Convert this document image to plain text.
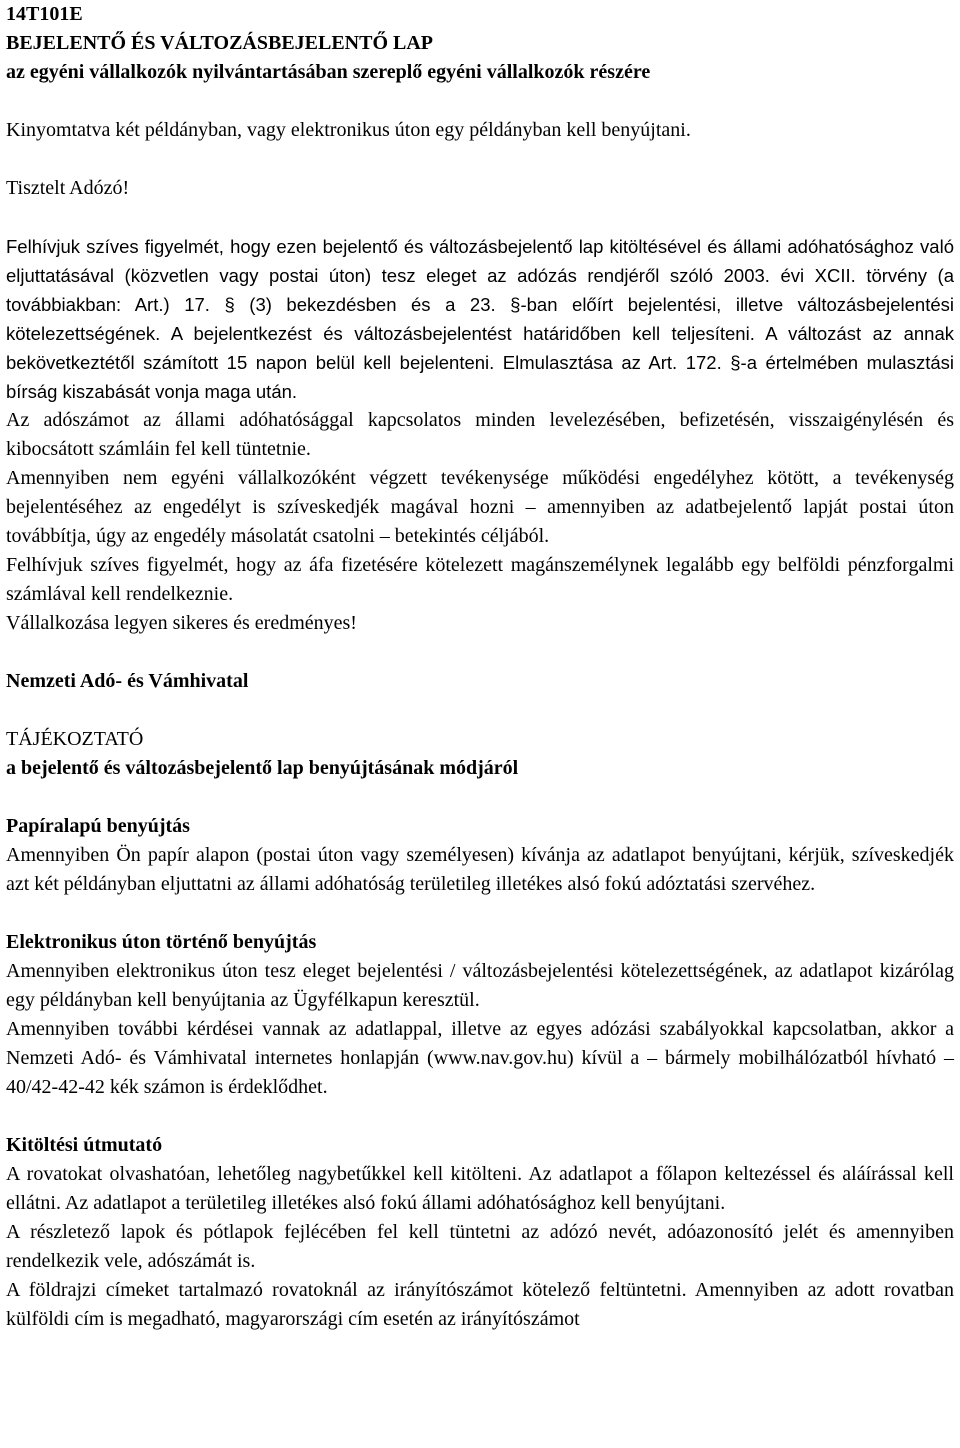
14T101E
BEJELENTŐ ÉS VÁLTOZÁSBEJELENTŐ LAP
az egyéni vállalkozók nyilvántartásában szereplő egyéni vállalkozók részére

Kinyomtatva két példányban, vagy elektronikus úton egy példányban kell benyújtani.

Tisztelt Adózó!

Felhívjuk szíves figyelmét, hogy ezen bejelentő és változásbejelentő lap kitöltésével és állami adóhatósághoz való eljuttatásával (közvetlen vagy postai úton) tesz eleget az adózás rendjéről szóló 2003. évi XCII. törvény (a továbbiakban: Art.) 17. § (3) bekezdésben és a 23. §-ban előírt bejelentési, illetve változásbejelentési kötelezettségének. A bejelentkezést és változásbejelentést határidőben kell teljesíteni. A változást az annak bekövetkeztétől számított 15 napon belül kell bejelenteni. Elmulasztása az Art. 172. §-a értelmében mulasztási bírság kiszabását vonja maga után.

Az adószámot az állami adóhatósággal kapcsolatos minden levelezésében, befizetésén, visszaigénylésén és kibocsátott számláin fel kell tüntetnie.

Amennyiben nem egyéni vállalkozóként végzett tevékenysége működési engedélyhez kötött, a tevékenység bejelentéséhez az engedélyt is szíveskedjék magával hozni – amennyiben az adatbejelentő lapját postai úton továbbítja, úgy az engedély másolatát csatolni – betekintés céljából.

Felhívjuk szíves figyelmét, hogy az áfa fizetésére kötelezett magánszemélynek legalább egy belföldi pénzforgalmi számlával kell rendelkeznie.

Vállalkozása legyen sikeres és eredményes!

Nemzeti Adó- és Vámhivatal

TÁJÉKOZTATÓ

a bejelentő és változásbejelentő lap benyújtásának módjáról

Papíralapú benyújtás

Amennyiben Ön papír alapon (postai úton vagy személyesen) kívánja az adatlapot benyújtani, kérjük, szíveskedjék azt két példányban eljuttatni az állami adóhatóság területileg illetékes alsó fokú adóztatási szervéhez.

Elektronikus úton történő benyújtás

Amennyiben elektronikus úton tesz eleget bejelentési / változásbejelentési kötelezettségének, az adatlapot kizárólag egy példányban kell benyújtania az Ügyfélkapun keresztül.

Amennyiben további kérdései vannak az adatlappal, illetve az egyes adózási szabályokkal kapcsolatban, akkor a Nemzeti Adó- és Vámhivatal internetes honlapján (www.nav.gov.hu) kívül a – bármely mobilhálózatból hívható – 40/42-42-42 kék számon is érdeklődhet.

Kitöltési útmutató

A rovatokat olvashatóan, lehetőleg nagybetűkkel kell kitölteni. Az adatlapot a főlapon keltezéssel és aláírással kell ellátni. Az adatlapot a területileg illetékes alsó fokú állami adóhatósághoz kell benyújtani.

A részletező lapok és pótlapok fejlécében fel kell tüntetni az adózó nevét, adóazonosító jelét és amennyiben rendelkezik vele, adószámát is.

A földrajzi címeket tartalmazó rovatoknál az irányítószámot kötelező feltüntetni. Amennyiben az adott rovatban külföldi cím is megadható, magyarországi cím esetén az irányítószámot
